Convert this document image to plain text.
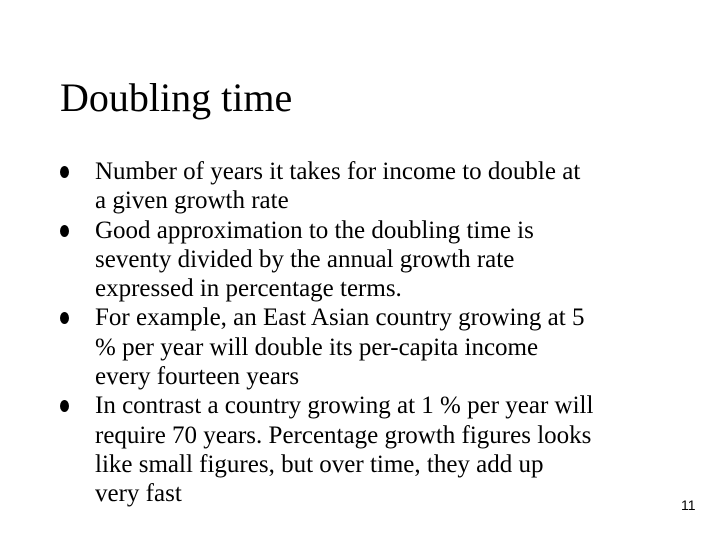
Doubling time
Number of years it takes for income to double at
a given growth rate
Good approximation to the doubling time is
seventy divided by the annual growth rate
expressed in percentage terms.
For example, an East Asian country growing at 5
% per year will double its per-capita income
every fourteen years
In contrast a country growing at 1 % per year will
require 70 years. Percentage growth figures looks
like small figures, but over time, they add up
very fast	11
